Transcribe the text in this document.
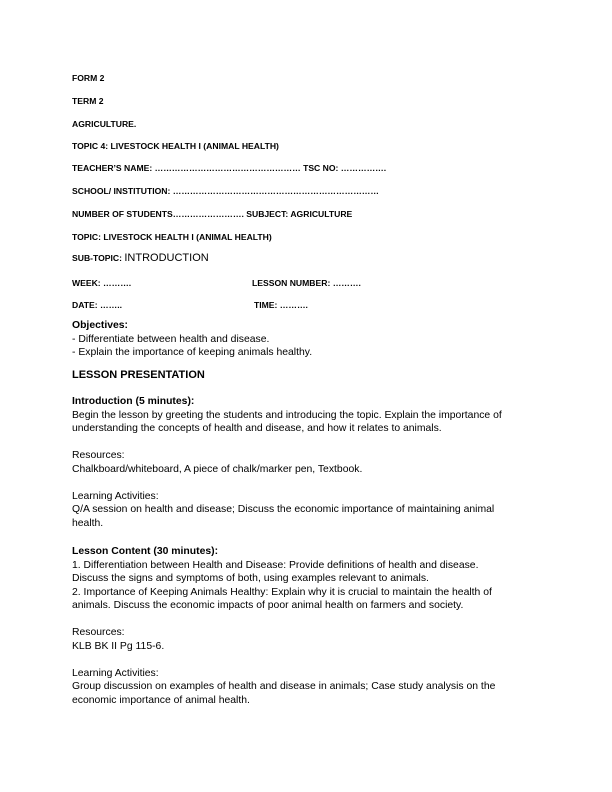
FORM 2
TERM 2
AGRICULTURE.
TOPIC 4: LIVESTOCK HEALTH I (ANIMAL HEALTH)
TEACHER’S NAME: …………………………………………… TSC NO: …………….
SCHOOL/ INSTITUTION: ………………………………………………………………
NUMBER OF STUDENTS……………………. SUBJECT: AGRICULTURE
TOPIC: LIVESTOCK HEALTH I (ANIMAL HEALTH)
SUB-TOPIC: INTRODUCTION
WEEK: ……….	LESSON NUMBER: ……….
DATE: ……..	TIME: ……….
Objectives:
- Differentiate between health and disease.
- Explain the importance of keeping animals healthy.
LESSON PRESENTATION
Introduction (5 minutes):
Begin the lesson by greeting the students and introducing the topic. Explain the importance of
understanding the concepts of health and disease, and how it relates to animals.
Resources:
Chalkboard/whiteboard, A piece of chalk/marker pen, Textbook.
Learning Activities:
Q/A session on health and disease; Discuss the economic importance of maintaining animal
health.
Lesson Content (30 minutes):
1. Differentiation between Health and Disease: Provide definitions of health and disease.
Discuss the signs and symptoms of both, using examples relevant to animals.
2. Importance of Keeping Animals Healthy: Explain why it is crucial to maintain the health of
animals. Discuss the economic impacts of poor animal health on farmers and society.
Resources:
KLB BK II Pg 115-6.
Learning Activities:
Group discussion on examples of health and disease in animals; Case study analysis on the
economic importance of animal health.
